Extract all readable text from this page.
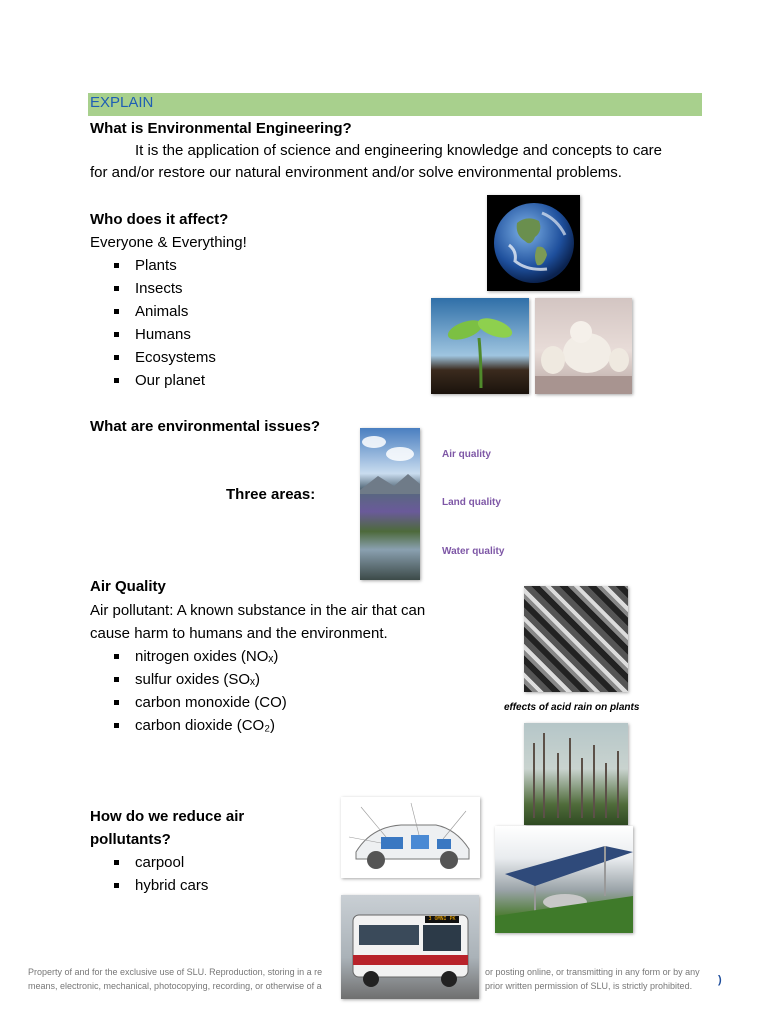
EXPLAIN
What is Environmental Engineering?
It is the application of science and engineering knowledge and concepts to care
for and/or restore our natural environment and/or solve environmental problems.
Who does it affect?
Everyone & Everything!
Plants
Insects
Animals
Humans
Ecosystems
Our planet
What are environmental issues?
Three areas:
Air quality
Land quality
Water quality
Air Quality
Air pollutant: A known substance in the air that can
cause harm to humans and the environment.
nitrogen oxides (NOₓ)
sulfur oxides (SOₓ)
carbon monoxide (CO)
carbon dioxide (CO₂)
effects of acid rain on plants
How do we reduce air
pollutants?
carpool
hybrid cars
3 OMNI PK
Property of and for the exclusive use of SLU. Reproduction, storing in a re	or posting online, or transmitting in any form or by any
means, electronic, mechanical, photocopying, recording, or otherwise of a	prior written permission of SLU, is strictly prohibited. )
